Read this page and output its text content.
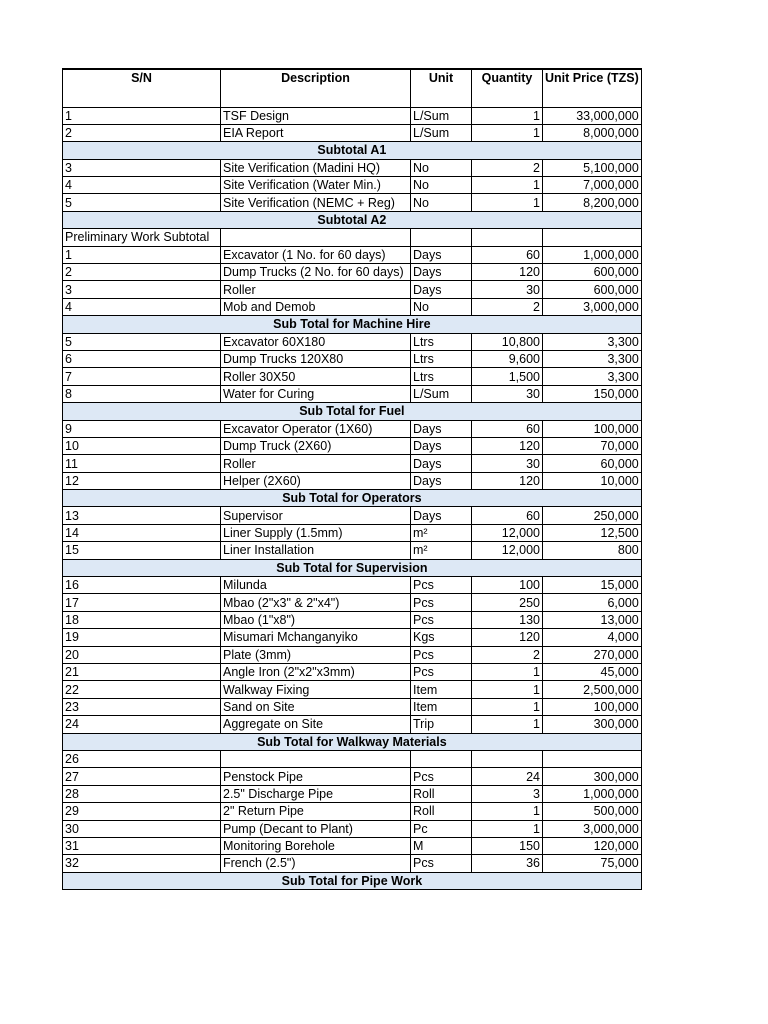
S/N	Description	Unit	Quantity	Unit Price (TZS)
1	TSF Design	L/Sum	1	33,000,000
2	EIA Report	L/Sum	1	8,000,000
Subtotal A1				
3	Site Verification (Madini HQ)	No	2	5,100,000
4	Site Verification (Water Min.)	No	1	7,000,000
5	Site Verification (NEMC + Reg)	No	1	8,200,000
Subtotal A2				
Preliminary Work Subtotal				
1	Excavator (1 No. for 60 days)	Days	60	1,000,000
2	Dump Trucks (2 No. for 60 days)	Days	120	600,000
3	Roller	Days	30	600,000
4	Mob and Demob	No	2	3,000,000
Sub Total for Machine Hire				
5	Excavator 60X180	Ltrs	10,800	3,300
6	Dump Trucks 120X80	Ltrs	9,600	3,300
7	Roller 30X50	Ltrs	1,500	3,300
8	Water for Curing	L/Sum	30	150,000
Sub Total for Fuel				
9	Excavator Operator (1X60)	Days	60	100,000
10	Dump Truck (2X60)	Days	120	70,000
11	Roller	Days	30	60,000
12	Helper (2X60)	Days	120	10,000
Sub Total for Operators				
13	Supervisor	Days	60	250,000
14	Liner Supply (1.5mm)	m²	12,000	12,500
15	Liner Installation	m²	12,000	800
Sub Total for Supervision				
16	Milunda	Pcs	100	15,000
17	Mbao (2"x3" & 2"x4")	Pcs	250	6,000
18	Mbao (1"x8")	Pcs	130	13,000
19	Misumari Mchanganyiko	Kgs	120	4,000
20	Plate (3mm)	Pcs	2	270,000
21	Angle Iron (2"x2"x3mm)	Pcs	1	45,000
22	Walkway Fixing	Item	1	2,500,000
23	Sand on Site	Item	1	100,000
24	Aggregate on Site	Trip	1	300,000
Sub Total for Walkway Materials				
26				
27	Penstock Pipe	Pcs	24	300,000
28	2.5" Discharge Pipe	Roll	3	1,000,000
29	2" Return Pipe	Roll	1	500,000
30	Pump (Decant to Plant)	Pc	1	3,000,000
31	Monitoring Borehole	M	150	120,000
32	French (2.5")	Pcs	36	75,000
Sub Total for Pipe Work				
